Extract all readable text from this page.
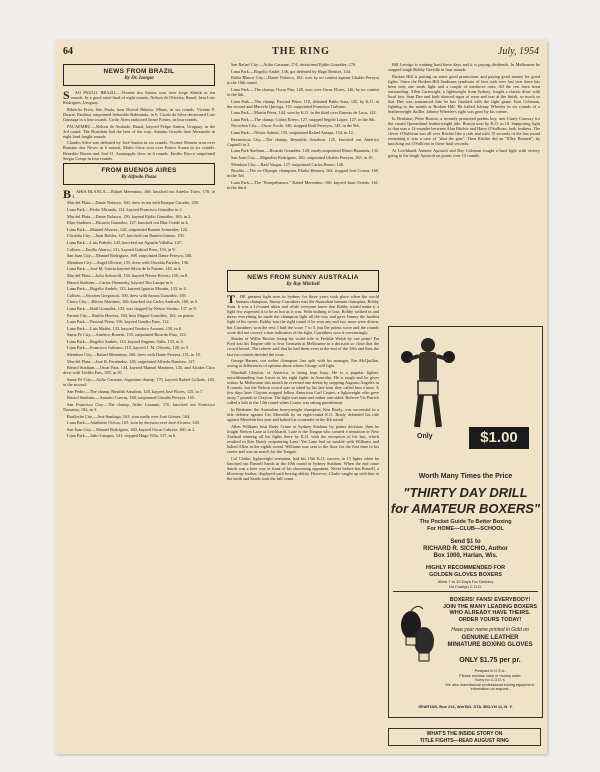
64	THE RING	July, 1954
NEWS FROM BRAZIL
By Dr. Izorgot
S	AO PAULO, BRAZIL.—Vicente dos Santos won over Jorge Shrink in ten rounds. In a good semi-final of eight rounds, Nelson de Oliveira, Brazil, beat Luiz Rodrigues, Uruguay.

Ribeirão Preto, São Paulo, beat Dorval Ribeiro, Minas, in six rounds. Vicente P. Duarte, Paulista, outpointed Sebastião Ralmundo, in 6. Cicalo da Silva decisioned Luiz Gonzaga in a four rounds. Cicilo Alem outboxed Jaime Fontes, in four rounds.

PACAEMBU.—Nelson de Andrade, Brazil, kayoed Felipe Santos, Uruguay, in the 3rd round. The Brazilian had the best of the way. Antonio Graudo beat Alexandre in eight hard fought rounds.

Claudio Silva was defeated by José Santos in six rounds. Vicente Moneta won over Romano dos Neves in 6 rounds. Mario Lima won over Enrico Souza in six rounds. Benedito Bastos and José O. Assumpção drew in 4 rounds. Emilio Rocco outpointed Sergio Crespi in four rounds.

FROM BUENOS AIRES
By Alfredo Pozzo
B	AHIA BLANCA.—Rafael Merentino, 160, knocked out Aurelio Travo, 170, in 3.

Mar del Plata.—Dante Nolasco, 160, drew in ten with Enrique Carreño, 250.

Luna Park.—Pedro Miranda, 132, kayoed Francisco González in 2.

Mar del Plata.—Dante Nolasco, 150, kayoed Ejidio González, 165, in 2.

Ebro Stadium.—Ricardo González, 127, knocked out Blas Conde in 4.

Luna Park.—Manuel Alvarez, 120, outpointed Ramón Schneider, 122.

Córdoba City.—Juan Robles, 147, knocked out Ramón Gómez, 150.

Luna Park.—Luis Peñedo, 145, knocked out Agustín Villalba, 147.

Coliseo.—Emilio Abarco, 131, kayoed Gabriel Pons, 133, in 9.

San Juan City.—Manuel Rodríguez, 168, outpointed Dante Pereyra, 168.

Mendoza City.—Angel Olivieri, 135, drew with Osvaldo Paredes, 136.

Luna Park.—José M. Garcia kayoed Silvio de la Fuente, 140, in 4.

Mar del Plata.—Julio Schiavoll, 150, kayoed Néstor Rivetti, 150, in 8.

Bristol Stadium.—Carlos Ostronsky, kayoed Tito Lampe in 6.

Luna Park.—Rogelio Andrés, 133, kayoed Ignacio Mosnin, 133, in 4.

Coliseo.—Sócrates Gregorutti, 100, drew with Santos González, 158.

Chaco City.—Héctor Martinez, 160, knocked out Carlos Andrade, 160, in 5.

Luna Park.—Raúl Gonzalez, 133, was stopped by Néstor Savino, 137, in 9.

Paraná City.—Emilio Herrera, 160, beat Miguel González, 163, on points.

Luna Park.—Pascual Pérez, 110, kayoed Gaudio Pazo, 112.

Luna Park.—Luis Maffei, 133, kayoed Teodoro Arcuani, 150, in 8.

Santa Fé City.—Américo Bonetti, 135, outpointed Ricardo Pino, 133.

Luna Park.—Rogelio Andrés, 133, kayoed Eugenio Valla, 133, in 3.

Luna Park.—Francisco Galvano, 115, kayoed J. M. Olivetto, 120, in 3.

Mendoza City.—Rafael Merentino, 160, drew with Dante Pereyra, 151, in 10.

Mar del Plata.—José R. Fernández, 128, outpointed Alfredo Ramírez, 127.

Bristol Stadium.—Oscar Pata, 144, kayoed Manuel Martínez, 145, and Alcides Citro drew with Teófilo Pais, 158, in 10.

Santa Fé City.—Atilio Caraune, Argentine champ, 170, kayoed Rafael Collado, 165, in the second.

San Pedro.—The champ, Rinaldo Ansaloni, 120, kayoed José Flores, 125, in 7.

Bristol Stadium.—Antonio Cuevas, 160, outpointed Claudio Pereyra, 165.

San Francisco City.—The champ, Atilio Caraune, 170, knocked out Francisco Nazarino, 182, in 3.

Bariloche City.—José Santiago, 163, won easily over José Gómez, 164.

Luna Park.—Adalberto Ochoa, 165, won by decision over José Alvarez, 149.

San Juan City.—Manuel Rodríguez, 160, kayoed Oscar Cabrera, 160, in 2.

Luna Park.—Julio Campos, 141, stopped Hugo Villa, 137, in 6.

San Rafael City.—Atilio Caraune, 174, decisioned Ejidio González, 176.

Luna Park.—Rogelio André, 136, got defeated by Hugo Benitez, 144.

Bahia Blanca City.—Dante Nolasco, 162, won by no contest against Ubaldo Pereyra in the 10th round.

Luna Park.—The champ, Oscar Pita, 148, won over Oscar Flores, 146, by no contest in the 6th.

Luna Park.—The champ, Pascual Pérez, 110, defeated Pablo Sosa, 120, by K.O. in the second and Marcelo Quiroga, 115, outpointed Francisco Galvano.

Luna Park.—Martín Pérez, 144, won by K.O. in the third over Ernesto de Luca, 142.

Luna Park.—The champ, Cirino Errero, 127, stopped Segido López, 127, in the 8th.

Necochea City.—Oscar Acofe, 140, stopped Raúl Ferreyra, 145, in the 9th.

Luna Park.—Néstor Sabino, 155, outpointed Rafael Amaga, 154, in 12.

Resistencia City.—The champ, Reynaldo Ansaloni, 125, knocked out Américo Capitelli in 2.

Luna Park Stadium.—Ricardo González, 128, easily outpointed Eliseo Haminda, 132.

San Juan City.—Miguelito Rodríguez, 160, outpointed Ubaldo Pereyra, 165, in 10.

Mendoza City.—Raúl Vargas, 127, outpointed Carlos Bruno, 126.

Nicolás.—The ex-Olympic champion, Eladio Herrera, 162, stopped José Correa, 160, in the 3rd.

Luna Park.—The "Rompehuesos," Rafael Merentino, 160, kayoed Juan Oviedo, 161, in the third.

Bill Lavrigo is training hard these days and it is paying dividends. In Melbourne he stopped tough Bobby Greville in four rounds.

Broken Hill is putting on some good promotions and paying good money for good fights. Since the Broken Hill Stadiums syndicate of four took over last year there has been only one weak fight and a couple of mediocre ones. All the rest have been outstanding. Allen Cartwright, a lightweight from Sydney, fought a classic draw with local boy, Stan Dee and both showed signs of wear and tear at the finish, so much so that Dee was announced that he has finished with the fight game. Ken Coleman, fighting in the month at Broken Hill. He halted Johnny Wheeler in six rounds of a featherweight thriller. Johnny Wheeler's sight was gone by his corner.

In Brisbane, Peter Boston, a recently promoted prelim boy, met Casey Conway for the vacant Queensland featherweight title. Boston won by K.O. in 10. Supporting fight to that was a 12-rounder between Alan Ritchie and Harry O'Sullivan, both feathers. The clever O'Sullivan was all over Ritchie like a rash and with 15 seconds of the last round remaining it was a case of "shut the gate". Then Ritchie did an "Elley Bennett", by knocking out O'Sullivan in those final seconds.

At Leichhardt Annette Apostoli and Ray Coleman fought a hard fight with victory going to the tough Apostoli on points over 12 rounds.

NEWS FROM SUNNY AUSTRALIA
By Ray Mitchell
T	HE greatest fight seen in Sydney for three years took place when the world bantam champion, Jimmy Carruthers met the Australian bantam champion, Bobby Sinn. It was a 12-round affair and while everyone knew that Bobby would make it a fight few expected it to be as hot as it was. With nothing to lose, Bobby walked in and threw everything he made the champion fight all the way and gave Jimmy the hardest fight of his career. Bobby was the right round if he won any and two more were drawn, but Carruthers won the rest. I had the score 7 to 5, but the points score and the rounds score did not convey a true indication of the fight. Carruthers won it convincingly.

Shades of Willie Ritchie losing his world title to Freddie Welsh by one point! Pat Ford lost his Empire title to Ivor Germain at Melbourne in a decision so close that the crowd booed. The referee said that he had them even at the end of the 15th and then the last two rounds decided the issue.

George Barnes, our welter champion, has split with his manager, Ern McQuillan, owing to differences of opinion about whom George will fight.

Marshall Clayton, of America, is being kept busy. He is a popular fighter, notwithstanding four losses in his eight fights in Australia. He is tough and he gives action. In Melbourne this month he reversed one defeat by stopping Augusto Angeles in 8 rounds, but the Nelson crowd was so irked by his late bout they called him a bum. A few days later Clayton stopped fellow American Carl Coates, a lightweight who gave away 7 pounds to Clayton. The fight was tame and rather one-sided. Referee Vic Patrick called a halt in the 12th round when Coates was taking punishment.

In Brisbane, the Australian heavyweight champion, Ken Brady, was successful in a title defense against Cec Meredith by an eight-round K.O. Brady defended his title against Meredith last year and halted his contender in the 4th round.

Allen Williams beat Rudy Crime at Sydney Stadium by points decision, then he fought Nelson Lane at Leichhardt. Lane is the Tongan who created a sensation in New Zealand winning all his fights there by K.O. with the exception of his last, which resulted in Ken Brady outpointing Lane. Yet Lane had no trouble with Williams and halted Allen in the eighth round. Williams was sent to the floor for the first time in his career and was no match for the Tongan.

Col Clarke, lightweight sensation, had his 15th K.O. success in 15 fights when he knocked out Russell Sands in the 10th round at Sydney Stadium. When the end came Sands was a lone way in front of his showering opponent. Never before has Russell, a blown-up feather, displayed such boxing ability. However, Clarke caught up with him in the tenth and Sands took the full count.

Only	$1.00
Worth Many Times the Price
"THIRTY DAY DRILL
for AMATEUR BOXERS"
The Pocket Guide To Better Boxing
For HOME—CLUB—SCHOOL
Send $1 to
RICHARD R. SICCHIO, Author
Box 1000, Harlan, Wis.
HIGHLY RECOMMENDED FOR
GOLDEN GLOVES BOXERS
Allow 7 to 10 Days For Delivery
No Foreign C.O.D.
BOXERS! FANS! EVERYBODY!
JOIN THE MANY LEADING BOXERS WHO ALREADY HAVE THEIRS. ORDER YOURS TODAY!
Have your name printed in Gold on
GENUINE LEATHER
MINIATURE BOXING GLOVES
ONLY $1.75 per pr.
Postpaid in U.S.A.
Please enclose cash or money order
Sorry no C.O.D.'s
We also manufacture professional boxing equipment. Information on request.
SPARTAN, Box 214, Wm'BG. STA. BKLYN 11, N. Y.
WHAT'S THE INSIDE STORY ON
TITLE FIGHTS—READ AUGUST RING
